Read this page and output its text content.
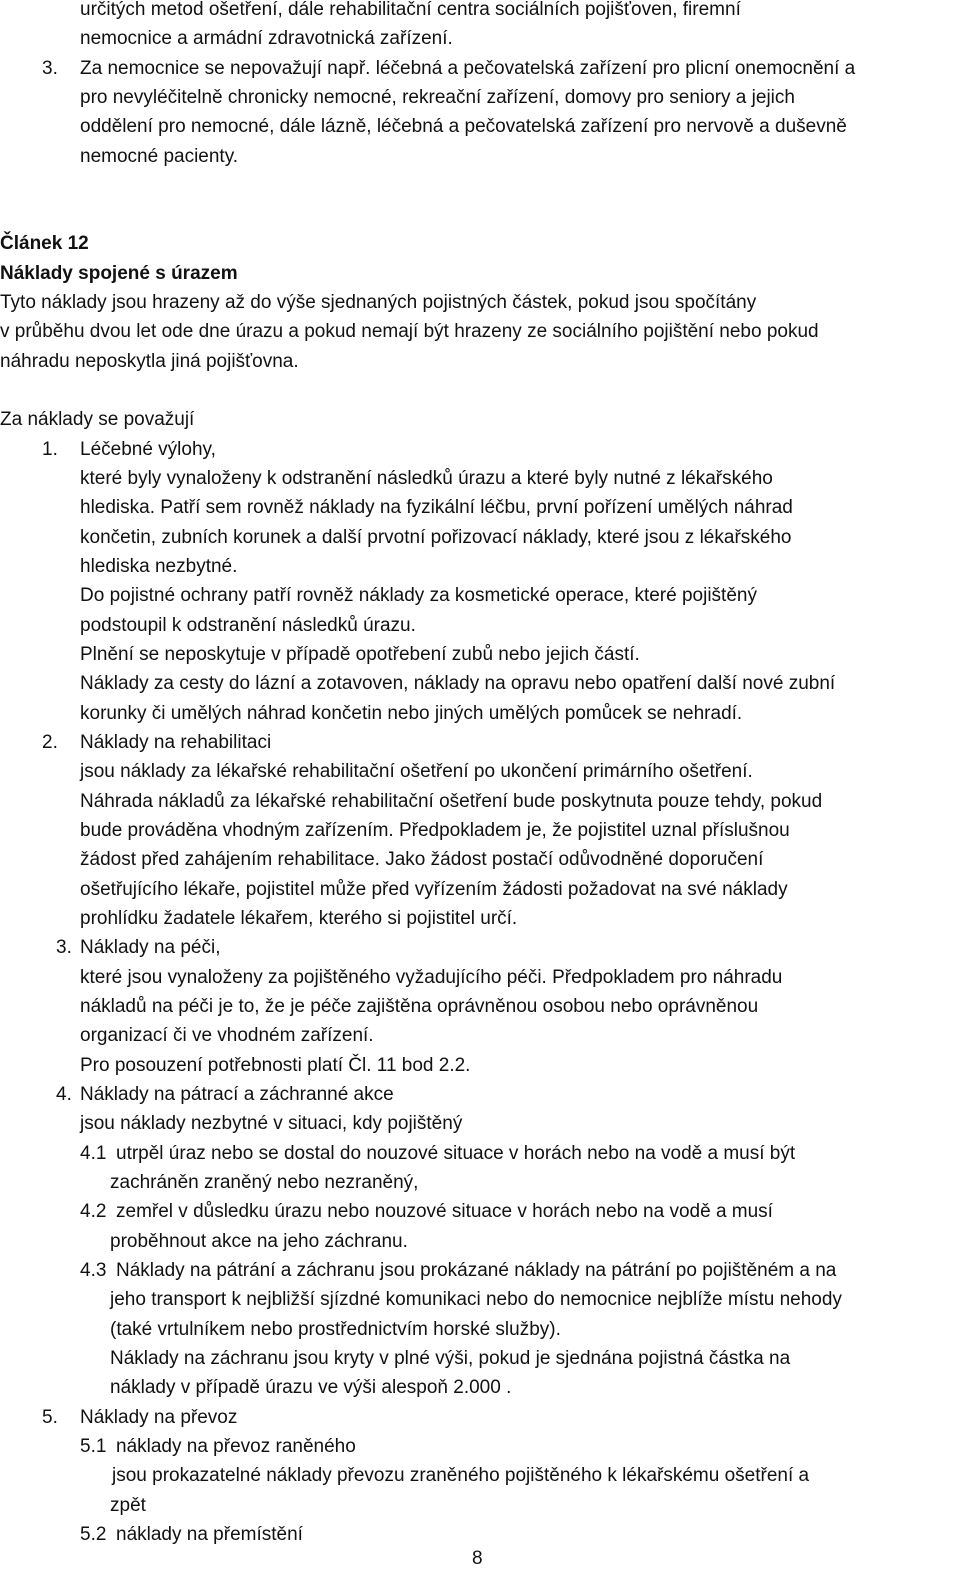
určitých metod ošetření, dále rehabilitační centra sociálních pojišťoven, firemní
nemocnice a armádní zdravotnická zařízení.
3. Za nemocnice se nepovažují např. léčebná a pečovatelská zařízení pro plicní onemocnění a
pro nevyléčitelně chronicky nemocné, rekreační zařízení, domovy pro seniory a jejich
oddělení pro nemocné, dále lázně, léčebná a pečovatelská zařízení pro nervově a duševně
nemocné pacienty.
Článek 12
Náklady spojené s úrazem
Tyto náklady jsou hrazeny až do výše sjednaných pojistných částek, pokud jsou spočítány
v průběhu dvou let ode dne úrazu a pokud nemají být hrazeny ze sociálního pojištění nebo pokud
náhradu neposkytla jiná pojišťovna.
Za náklady se považují
1. Léčebné výlohy,
které byly vynaloženy k odstranění následků úrazu a které byly nutné z lékařského
hlediska. Patří sem rovněž náklady na fyzikální léčbu, první pořízení umělých náhrad
končetin, zubních korunek a další prvotní pořizovací náklady, které jsou z lékařského
hlediska nezbytné.
Do pojistné ochrany patří rovněž náklady za kosmetické operace, které pojištěný
podstoupil k odstranění následků úrazu.
Plnění se neposkytuje v případě opotřebení zubů nebo jejich částí.
Náklady za cesty do lázní a zotavoven, náklady na opravu nebo opatření další nové zubní
korunky či umělých náhrad končetin nebo jiných umělých pomůcek se nehradí.
2. Náklady na rehabilitaci
jsou náklady za lékařské rehabilitační ošetření po ukončení primárního ošetření.
Náhrada nákladů za lékařské rehabilitační ošetření bude poskytnuta pouze tehdy, pokud
bude prováděna vhodným zařízením. Předpokladem je, že pojistitel uznal příslušnou
žádost před zahájením rehabilitace. Jako žádost postačí odůvodněné doporučení
ošetřujícího lékaře, pojistitel může před vyřízením žádosti požadovat na své náklady
prohlídku žadatele lékařem, kterého si pojistitel určí.
3. Náklady na péči,
které jsou vynaloženy za pojištěného vyžadujícího péči. Předpokladem pro náhradu
nákladů na péči je to, že je péče zajištěna oprávněnou osobou nebo oprávněnou
organizací či ve vhodném zařízení.
Pro posouzení potřebnosti platí Čl. 11 bod 2.2.
4. Náklady na pátrací a záchranné akce
jsou náklady nezbytné v situaci, kdy pojištěný
4.1 utrpěl úraz nebo se dostal do nouzové situace v horách nebo na vodě a musí být
zachráněn zraněný nebo nezraněný,
4.2 zemřel v důsledku úrazu nebo nouzové situace v horách nebo na vodě a musí
proběhnout akce na jeho záchranu.
4.3 Náklady na pátrání a záchranu jsou prokázané náklady na pátrání po pojištěném a na
jeho transport k nejbližší sjízdné komunikaci nebo do nemocnice nejblíže místu nehody
(také vrtulníkem nebo prostřednictvím horské služby).
Náklady na záchranu jsou kryty v plné výši, pokud je sjednána pojistná částka na
náklady v případě úrazu ve výši alespoň 2.000 .
5. Náklady na převoz
5.1 náklady na převoz raněného
jsou prokazatelné náklady převozu zraněného pojištěného k lékařskému ošetření a
zpět
5.2 náklady na přemístění
8
